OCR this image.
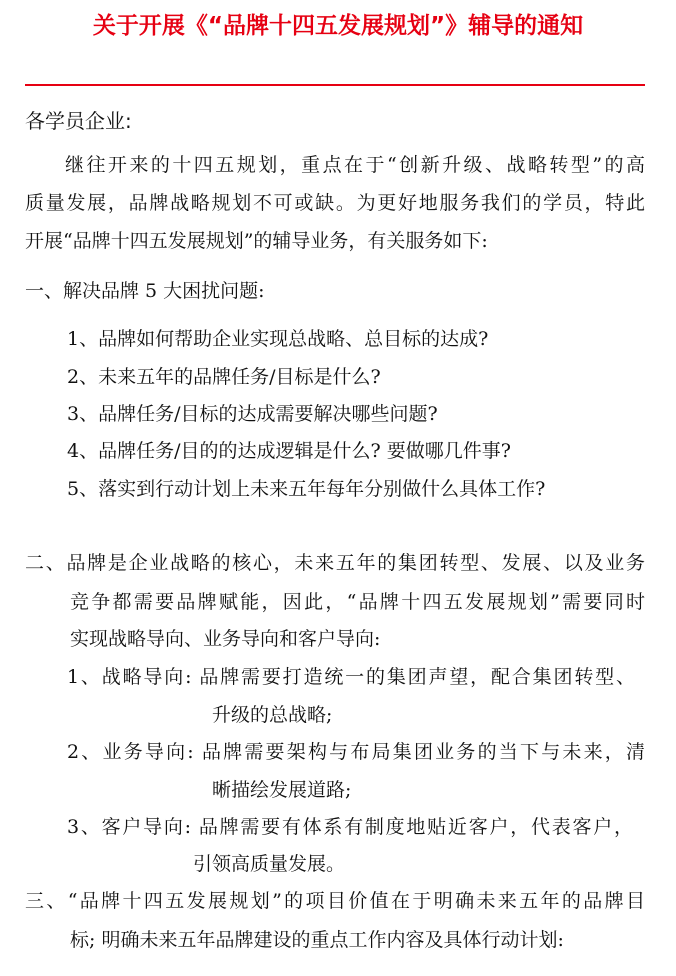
关于开展《“品牌十四五发展规划”》辅导的通知
各学员企业:
继往开来的十四五规划，重点在于“创新升级、战略转型”的高
质量发展，品牌战略规划不可或缺。为更好地服务我们的学员，特此
开展“品牌十四五发展规划”的辅导业务，有关服务如下:
一、解决品牌 5 大困扰问题:
1、品牌如何帮助企业实现总战略、总目标的达成?
2、未来五年的品牌任务/目标是什么?
3、品牌任务/目标的达成需要解决哪些问题?
4、品牌任务/目的的达成逻辑是什么? 要做哪几件事?
5、落实到行动计划上未来五年每年分别做什么具体工作?
二、品牌是企业战略的核心，未来五年的集团转型、发展、以及业务
竞争都需要品牌赋能，因此，“品牌十四五发展规划”需要同时
实现战略导向、业务导向和客户导向:
1、战略导向: 品牌需要打造统一的集团声望，配合集团转型、
升级的总战略;
2、业务导向: 品牌需要架构与布局集团业务的当下与未来，清
晰描绘发展道路;
3、客户导向: 品牌需要有体系有制度地贴近客户，代表客户，
引领高质量发展。
三、“品牌十四五发展规划”的项目价值在于明确未来五年的品牌目
标; 明确未来五年品牌建设的重点工作内容及具体行动计划:
